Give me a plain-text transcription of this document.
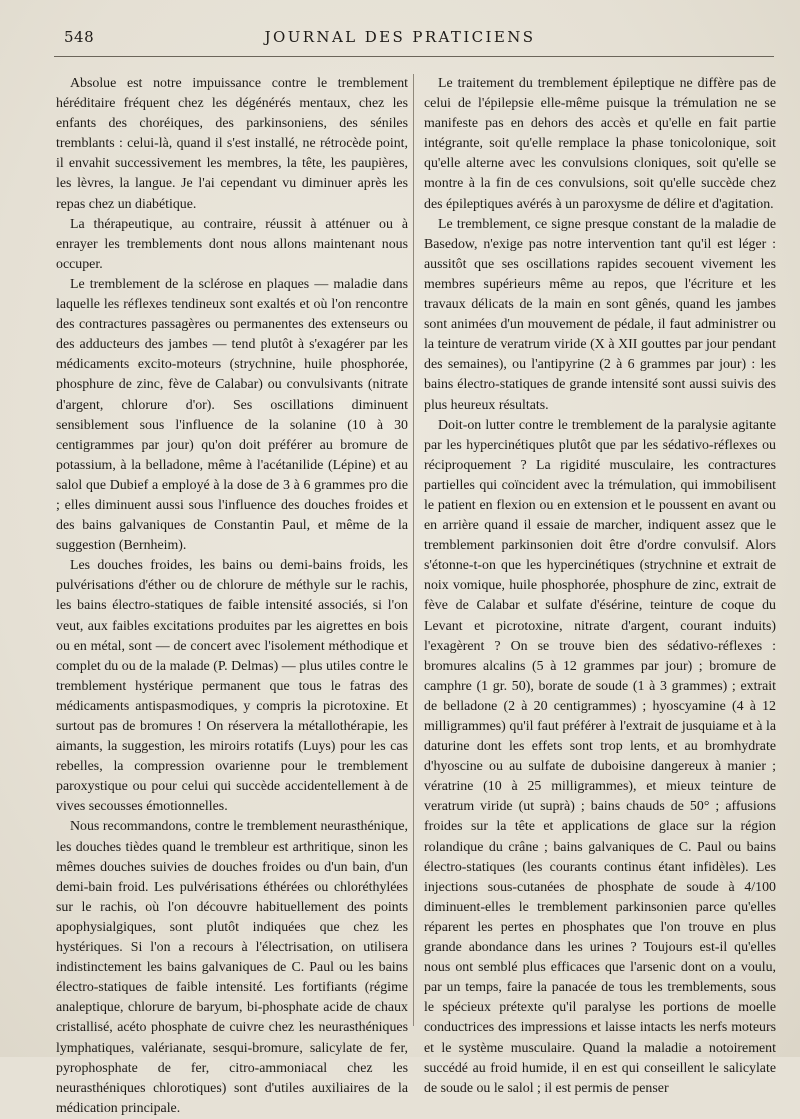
548	JOURNAL DES PRATICIENS

Absolue est notre impuissance contre le tremblement héréditaire fréquent chez les dégénérés mentaux, chez les enfants des choréiques, des parkinsoniens, des séniles tremblants : celui-là, quand il s'est installé, ne rétrocède point, il envahit successivement les membres, la tête, les paupières, les lèvres, la langue. Je l'ai cependant vu diminuer après les repas chez un diabétique.

La thérapeutique, au contraire, réussit à atténuer ou à enrayer les tremblements dont nous allons maintenant nous occuper.

Le tremblement de la sclérose en plaques — maladie dans laquelle les réflexes tendineux sont exaltés et où l'on rencontre des contractures passagères ou permanentes des extenseurs ou des adducteurs des jambes — tend plutôt à s'exagérer par les médicaments excito-moteurs (strychnine, huile phosphorée, phosphure de zinc, fève de Calabar) ou convulsivants (nitrate d'argent, chlorure d'or). Ses oscillations diminuent sensiblement sous l'influence de la solanine (10 à 30 centigrammes par jour) qu'on doit préférer au bromure de potassium, à la belladone, même à l'acétanilide (Lépine) et au salol que Dubief a employé à la dose de 3 à 6 grammes pro die ; elles diminuent aussi sous l'influence des douches froides et des bains galvaniques de Constantin Paul, et même de la suggestion (Bernheim).

Les douches froides, les bains ou demi-bains froids, les pulvérisations d'éther ou de chlorure de méthyle sur le rachis, les bains électro-statiques de faible intensité associés, si l'on veut, aux faibles excitations produites par les aigrettes en bois ou en métal, sont — de concert avec l'isolement méthodique et complet du ou de la malade (P. Delmas) — plus utiles contre le tremblement hystérique permanent que tous le fatras des médicaments antispasmodiques, y compris la picrotoxine. Et surtout pas de bromures ! On réservera la métallothérapie, les aimants, la suggestion, les miroirs rotatifs (Luys) pour les cas rebelles, la compression ovarienne pour le tremblement paroxystique ou pour celui qui succède accidentellement à de vives secousses émotionnelles.

Nous recommandons, contre le tremblement neurasthénique, les douches tièdes quand le trembleur est arthritique, sinon les mêmes douches suivies de douches froides ou d'un bain, d'un demi-bain froid. Les pulvérisations éthérées ou chloréthylées sur le rachis, où l'on découvre habituellement des points apophysialgiques, sont plutôt indiquées que chez les hystériques. Si l'on a recours à l'électrisation, on utilisera indistinctement les bains galvaniques de C. Paul ou les bains électro-statiques de faible intensité. Les fortifiants (régime analeptique, chlorure de baryum, bi-phosphate acide de chaux cristallisé, acéto phosphate de cuivre chez les neurasthéniques lymphatiques, valérianate, sesqui-bromure, salicylate de fer, pyrophosphate de fer, citro-ammoniacal chez les neurasthéniques chlorotiques) sont d'utiles auxiliaires de la médication principale.

Le traitement du tremblement épileptique ne diffère pas de celui de l'épilepsie elle-même puisque la trémulation ne se manifeste pas en dehors des accès et qu'elle en fait partie intégrante, soit qu'elle remplace la phase tonicolonique, soit qu'elle alterne avec les convulsions cloniques, soit qu'elle se montre à la fin de ces convulsions, soit qu'elle succède chez des épileptiques avérés à un paroxysme de délire et d'agitation.

Le tremblement, ce signe presque constant de la maladie de Basedow, n'exige pas notre intervention tant qu'il est léger : aussitôt que ses oscillations rapides secouent vivement les membres supérieurs même au repos, que l'écriture et les travaux délicats de la main en sont gênés, quand les jambes sont animées d'un mouvement de pédale, il faut administrer ou la teinture de veratrum viride (X à XII gouttes par jour pendant des semaines), ou l'antipyrine (2 à 6 grammes par jour) : les bains électro-statiques de grande intensité sont aussi suivis des plus heureux résultats.

Doit-on lutter contre le tremblement de la paralysie agitante par les hypercinétiques plutôt que par les sédativo-réflexes ou réciproquement ? La rigidité musculaire, les contractures partielles qui coïncident avec la trémulation, qui immobilisent le patient en flexion ou en extension et le poussent en avant ou en arrière quand il essaie de marcher, indiquent assez que le tremblement parkinsonien doit être d'ordre convulsif. Alors s'étonne-t-on que les hypercinétiques (strychnine et extrait de noix vomique, huile phosphorée, phosphure de zinc, extrait de fève de Calabar et sulfate d'ésérine, teinture de coque du Levant et picrotoxine, nitrate d'argent, courant induits) l'exagèrent ? On se trouve bien des sédativo-réflexes : bromures alcalins (5 à 12 grammes par jour) ; bromure de camphre (1 gr. 50), borate de soude (1 à 3 grammes) ; extrait de belladone (2 à 20 centigrammes) ; hyoscyamine (4 à 12 milligrammes) qu'il faut préférer à l'extrait de jusquiame et à la daturine dont les effets sont trop lents, et au bromhydrate d'hyoscine ou au sulfate de duboisine dangereux à manier ; vératrine (10 à 25 milligrammes), et mieux teinture de veratrum viride (ut suprà) ; bains chauds de 50° ; affusions froides sur la tête et applications de glace sur la région rolandique du crâne ; bains galvaniques de C. Paul ou bains électro-statiques (les courants continus étant infidèles). Les injections sous-cutanées de phosphate de soude à 4/100 diminuent-elles le tremblement parkinsonien parce qu'elles réparent les pertes en phosphates que l'on trouve en plus grande abondance dans les urines ? Toujours est-il qu'elles nous ont semblé plus efficaces que l'arsenic dont on a voulu, par un temps, faire la panacée de tous les tremblements, sous le spécieux prétexte qu'il paralyse les portions de moelle conductrices des impressions et laisse intacts les nerfs moteurs et le système musculaire. Quand la maladie a notoirement succédé au froid humide, il en est qui conseillent le salicylate de soude ou le salol ; il est permis de penser
